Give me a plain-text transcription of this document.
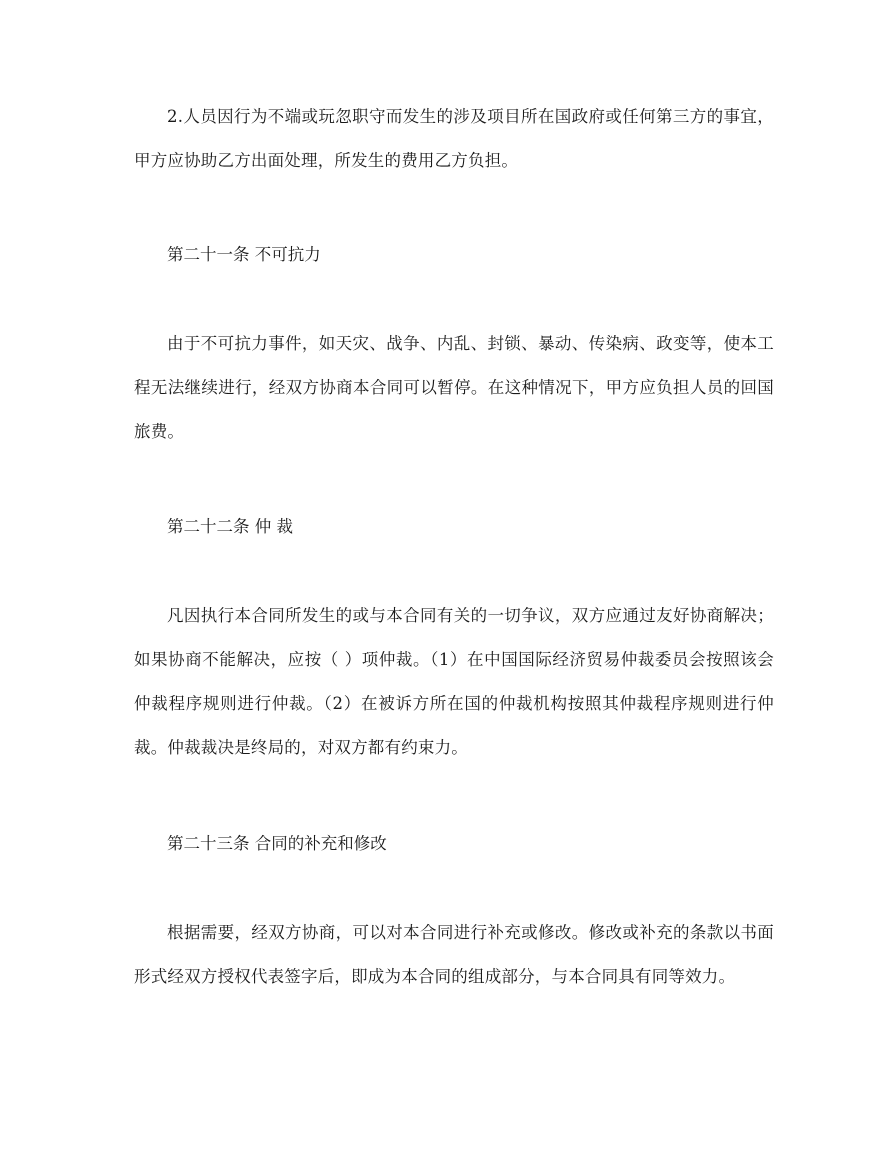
2.人员因行为不端或玩忽职守而发生的涉及项目所在国政府或任何第三方的事宜，甲方应协助乙方出面处理，所发生的费用乙方负担。

第二十一条 不可抗力

由于不可抗力事件，如天灾、战争、内乱、封锁、暴动、传染病、政变等，使本工程无法继续进行，经双方协商本合同可以暂停。在这种情况下，甲方应负担人员的回国旅费。

第二十二条 仲 裁

凡因执行本合同所发生的或与本合同有关的一切争议，双方应通过友好协商解决；如果协商不能解决，应按（ ）项仲裁。（1）在中国国际经济贸易仲裁委员会按照该会仲裁程序规则进行仲裁。（2）在被诉方所在国的仲裁机构按照其仲裁程序规则进行仲裁。仲裁裁决是终局的，对双方都有约束力。

第二十三条 合同的补充和修改

根据需要，经双方协商，可以对本合同进行补充或修改。修改或补充的条款以书面形式经双方授权代表签字后，即成为本合同的组成部分，与本合同具有同等效力。
